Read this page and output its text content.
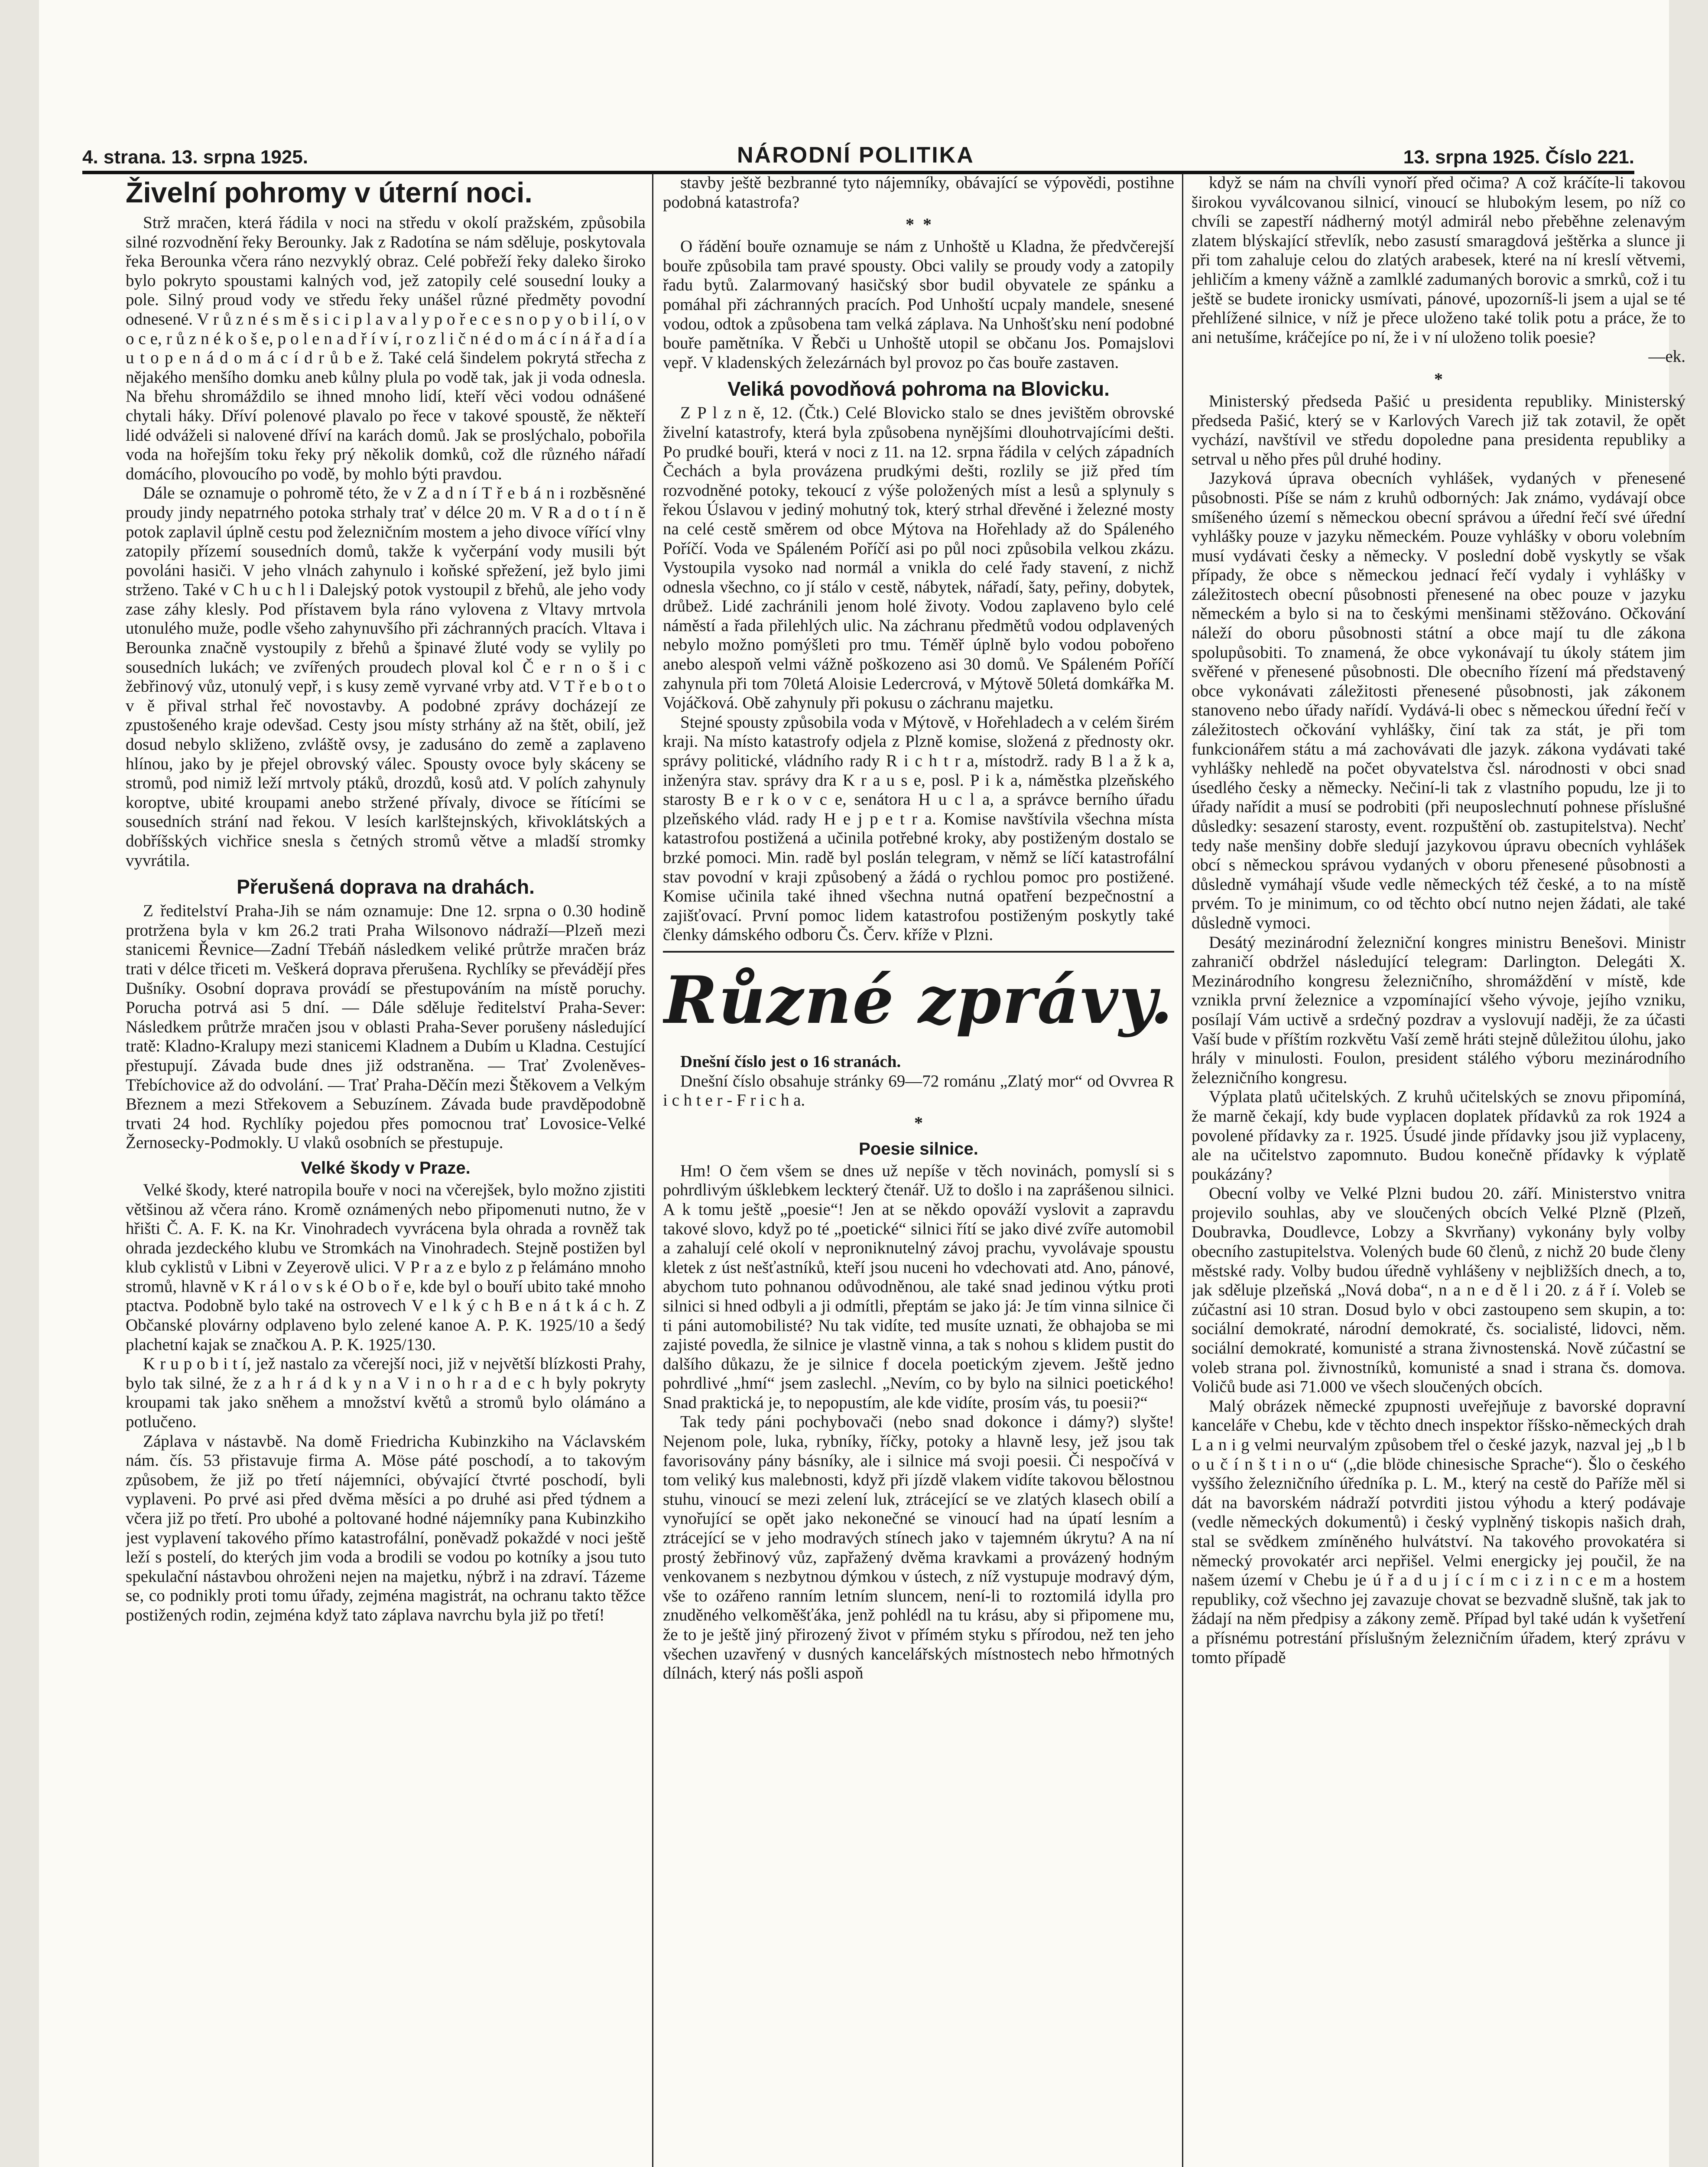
4. strana. 13. srpna 1925.	NÁRODNÍ POLITIKA	13. srpna 1925. Číslo 221.
Živelní pohromy v úterní noci.

Strž mračen, která řádila v noci na středu v okolí pražském, způsobila silné rozvodnění řeky Berounky. Jak z Radotína se nám sděluje, poskytovala řeka Berounka včera ráno nezvyklý obraz. Celé pobřeží řeky daleko široko bylo pokryto spoustami kalných vod, jež zatopily celé sousední louky a pole. Silný proud vody ve středu řeky unášel různé předměty povodní odnesené. V r ů z n é s m ě s i c i p l a v a l y p o ř e c e s n o p y o b i l í, o v o c e, r ů z n é k o š e, p o l e n a d ř í v í, r o z l i č n é d o m á c í n á ř a d í a u t o p e n á d o m á c í d r ů b e ž. Také celá šindelem pokrytá střecha z nějakého menšího domku aneb kůlny plula po vodě tak, jak ji voda odnesla. Na břehu shromáždilo se ihned mnoho lidí, kteří věci vodou odnášené chytali háky. Dříví polenové plavalo po řece v takové spoustě, že někteří lidé odváželi si nalovené dříví na karách domů. Jak se proslýchalo, pobořila voda na hořejším toku řeky prý několik domků, což dle různého nářadí domácího, plovoucího po vodě, by mohlo býti pravdou.

Dále se oznamuje o pohromě této, že v Z a d n í T ř e b á n i rozběsněné proudy jindy nepatrného potoka strhaly trať v délce 20 m. V R a d o t í n ě potok zaplavil úplně cestu pod železničním mostem a jeho divoce vířící vlny zatopily přízemí sousedních domů, takže k vyčerpání vody musili být povoláni hasiči. V jeho vlnách zahynulo i koňské spřežení, jež bylo jimi strženo. Také v C h u c h l i Dalejský potok vystoupil z břehů, ale jeho vody zase záhy klesly. Pod přístavem byla ráno vylovena z Vltavy mrtvola utonulého muže, podle všeho zahynuvšího při záchranných pracích. Vltava i Berounka značně vystoupily z břehů a špinavé žluté vody se vylily po sousedních lukách; ve zvířených proudech ploval kol Č e r n o š i c žebřinový vůz, utonulý vepř, i s kusy země vyrvané vrby atd. V T ř e b o t o v ě přival strhal řeč novostavby. A podobné zprávy docházejí ze zpustošeného kraje odevšad. Cesty jsou místy strhány až na štět, obilí, jež dosud nebylo skliženo, zvláště ovsy, je zadusáno do země a zaplaveno hlínou, jako by je přejel obrovský válec. Spousty ovoce byly skáceny se stromů, pod nimiž leží mrtvoly ptáků, drozdů, kosů atd. V polích zahynuly koroptve, ubité kroupami anebo stržené přívaly, divoce se řítícími se sousedních strání nad řekou. V lesích karlštejnských, křivoklátských a dobříšských vichřice snesla s četných stromů větve a mladší stromky vyvrátila.

Přerušená doprava na drahách.

Z ředitelství Praha-Jih se nám oznamuje: Dne 12. srpna o 0.30 hodině protržena byla v km 26.2 trati Praha Wilsonovo nádraží—Plzeň mezi stanicemi Řevnice—Zadní Třebáň následkem veliké průtrže mračen bráz trati v délce třiceti m. Veškerá doprava přerušena. Rychlíky se převádějí přes Dušníky. Osobní doprava provádí se přestupováním na místě poruchy. Porucha potrvá asi 5 dní. — Dále sděluje ředitelství Praha-Sever: Následkem průtrže mračen jsou v oblasti Praha-Sever porušeny následující tratě: Kladno-Kralupy mezi stanicemi Kladnem a Dubím u Kladna. Cestující přestupují. Závada bude dnes již odstraněna. — Trať Zvoleněves-Třebíchovice až do odvolání. — Trať Praha-Děčín mezi Štěkovem a Velkým Březnem a mezi Střekovem a Sebuzínem. Závada bude pravděpodobně trvati 24 hod. Rychlíky pojedou přes pomocnou trať Lovosice-Velké Žernosecky-Podmokly. U vlaků osobních se přestupuje.

Velké škody v Praze.

Velké škody, které natropila bouře v noci na včerejšek, bylo možno zjistiti většinou až včera ráno. Kromě oznámených nebo připomenuti nutno, že v hřišti Č. A. F. K. na Kr. Vinohradech vyvrácena byla ohrada a rovněž tak ohrada jezdeckého klubu ve Stromkách na Vinohradech. Stejně postižen byl klub cyklistů v Libni v Zeyerově ulici. V P r a z e bylo z p řelámáno mnoho stromů, hlavně v K r á l o v s k é O b o ř e, kde byl o bouří ubito také mnoho ptactva. Podobně bylo také na ostrovech V e l k ý c h B e n á t k á c h. Z Občanské plovárny odplaveno bylo zelené kanoe A. P. K. 1925/10 a šedý plachetní kajak se značkou A. P. K. 1925/130.

K r u p o b i t í, jež nastalo za včerejší noci, již v největší blízkosti Prahy, bylo tak silné, že z a h r á d k y n a V i n o h r a d e c h byly pokryty kroupami tak jako sněhem a množství květů a stromů bylo olámáno a potlučeno.

Záplava v nástavbě. Na domě Friedricha Kubinzkiho na Václavském nám. čís. 53 přistavuje firma A. Möse páté poschodí, a to takovým způsobem, že již po třetí nájemníci, obývající čtvrté poschodí, byli vyplaveni. Po prvé asi před dvěma měsíci a po druhé asi před týdnem a včera již po třetí. Pro ubohé a poltované hodné nájemníky pana Kubinzkiho jest vyplavení takového přímo katastrofální, poněvadž pokaždé v noci ještě leží s postelí, do kterých jim voda a brodili se vodou po kotníky a jsou tuto spekulační nástavbou ohroženi nejen na majetku, nýbrž i na zdraví. Tázeme se, co podnikly proti tomu úřady, zejména magistrát, na ochranu takto těžce postižených rodin, zejména když tato záplava navrchu byla již po třetí!

stavby ještě bezbranné tyto nájemníky, obávající se výpovědi, postihne podobná katastrofa?

*  *

O řádění bouře oznamuje se nám z Unhoště u Kladna, že předvčerejší bouře způsobila tam pravé spousty. Obci valily se proudy vody a zatopily řadu bytů. Zalarmovaný hasičský sbor budil obyvatele ze spánku a pomáhal při záchranných pracích. Pod Unhoští ucpaly mandele, snesené vodou, odtok a způsobena tam velká záplava. Na Unhošťsku není podobné bouře pamětníka. V Řebči u Unhoště utopil se občanu Jos. Pomajslovi vepř. V kladenských železárnách byl provoz po čas bouře zastaven.

Veliká povodňová pohroma na Blovicku.

Z P l z n ě, 12. (Čtk.) Celé Blovicko stalo se dnes jevištěm obrovské živelní katastrofy, která byla způsobena nynějšími dlouhotrvajícími dešti. Po prudké bouři, která v noci z 11. na 12. srpna řádila v celých západních Čechách a byla provázena prudkými dešti, rozlily se již před tím rozvodněné potoky, tekoucí z výše položených míst a lesů a splynuly s řekou Úslavou v jediný mohutný tok, který strhal dřevěné i železné mosty na celé cestě směrem od obce Mýtova na Hořehlady až do Spáleného Poříčí. Voda ve Spáleném Poříčí asi po půl noci způsobila velkou zkázu. Vystoupila vysoko nad normál a vnikla do celé řady stavení, z nichž odnesla všechno, co jí stálo v cestě, nábytek, nářadí, šaty, peřiny, dobytek, drůbež. Lidé zachránili jenom holé životy. Vodou zaplaveno bylo celé náměstí a řada přilehlých ulic. Na záchranu předmětů vodou odplavených nebylo možno pomýšleti pro tmu. Téměř úplně bylo vodou pobořeno anebo alespoň velmi vážně poškozeno asi 30 domů. Ve Spáleném Poříčí zahynula při tom 70letá Aloisie Ledercrová, v Mýtově 50letá domkářka M. Vojáčková. Obě zahynuly při pokusu o záchranu majetku.

Stejné spousty způsobila voda v Mýtově, v Hořehladech a v celém širém kraji. Na místo katastrofy odjela z Plzně komise, složená z přednosty okr. správy politické, vládního rady R i c h t r a, místodrž. rady B l a ž k a, inženýra stav. správy dra K r a u s e, posl. P i k a, náměstka plzeňského starosty B e r k o v c e, senátora H u c l a, a správce berního úřadu plzeňského vlád. rady H e j p e t r a. Komise navštívila všechna místa katastrofou postižená a učinila potřebné kroky, aby postiženým dostalo se brzké pomoci. Min. radě byl poslán telegram, v němž se líčí katastrofální stav povodní v kraji způsobený a žádá o rychlou pomoc pro postižené. Komise učinila také ihned všechna nutná opatření bezpečnostní a zajišťovací. První pomoc lidem katastrofou postiženým poskytly také členky dámského odboru Čs. Červ. kříže v Plzni.

Různé zprávy.

Dnešní číslo jest o 16 stranách.

Dnešní číslo obsahuje stránky 69—72 románu „Zlatý mor“ od Ovvrea R i c h t e r - F r i c h a.

*
Poesie silnice.

Hm! O čem všem se dnes už nepíše v těch novinách, pomyslí si s pohrdlivým úšklebkem leckterý čtenář. Už to došlo i na zaprášenou silnici. A k tomu ještě „poesie“! Jen at se někdo opováží vyslovit a zapravdu takové slovo, když po té „poetické“ silnici řítí se jako divé zvíře automobil a zahalují celé okolí v neproniknutelný závoj prachu, vyvolávaje spoustu kletek z úst nešťastníků, kteří jsou nuceni ho vdechovati atd. Ano, pánové, abychom tuto pohnanou odůvodněnou, ale také snad jedinou výtku proti silnici si hned odbyli a ji odmítli, přeptám se jako já: Je tím vinna silnice či ti páni automobilisté? Nu tak vidíte, ted musíte uznati, že obhajoba se mi zajisté povedla, že silnice je vlastně vinna, a tak s nohou s klidem pustit do dalšího důkazu, že je silnice f docela poetickým zjevem. Ještě jedno pohrdlivé „hmí“ jsem zaslechl. „Nevím, co by bylo na silnici poetického! Snad praktická je, to nepopustím, ale kde vidíte, prosím vás, tu poesii?“

Tak tedy páni pochybovači (nebo snad dokonce i dámy?) slyšte! Nejenom pole, luka, rybníky, říčky, potoky a hlavně lesy, jež jsou tak favorisovány pány básníky, ale i silnice má svoji poesii. Či nespočívá v tom veliký kus malebnosti, když při jízdě vlakem vidíte takovou bělostnou stuhu, vinoucí se mezi zelení luk, ztrácející se ve zlatých klasech obilí a vynořující se opět jako nekonečné se vinoucí had na úpatí lesním a ztrácející se v jeho modravých stínech jako v tajemném úkrytu? A na ní prostý žebřinový vůz, zapřažený dvěma kravkami a provázený hodným venkovanem s nezbytnou dýmkou v ústech, z níž vystupuje modravý dým, vše to ozářeno ranním letním sluncem, není-li to roztomilá idylla pro znuděného velkoměšťáka, jenž pohlédl na tu krásu, aby si připomene mu, že to je ještě jiný přirozený život v přímém styku s přírodou, než ten jeho všechen uzavřený v dusných kancelářských místnostech nebo hřmotných dílnách, který nás pošli aspoň

když se nám na chvíli vynoří před očima? A což kráčíte-li takovou širokou vyválcovanou silnicí, vinoucí se hlubokým lesem, po níž co chvíli se zapestří nádherný motýl admirál nebo přeběhne zelenavým zlatem blýskající střevlík, nebo zasustí smaragdová ještěrka a slunce ji při tom zahaluje celou do zlatých arabesek, které na ní kreslí větvemi, jehličím a kmeny vážně a zamlklé zadumaných borovic a smrků, což i tu ještě se budete ironicky usmívati, pánové, upozorníš-li jsem a ujal se té přehlížené silnice, v níž je přece uloženo také tolik potu a práce, že to ani netušíme, kráčejíce po ní, že i v ní uloženo tolik poesie?

—ek.

*

Ministerský předseda Pašić u presidenta republiky. Ministerský předseda Pašić, který se v Karlových Varech již tak zotavil, že opět vychází, navštívil ve středu dopoledne pana presidenta republiky a setrval u něho přes půl druhé hodiny.

Jazyková úprava obecních vyhlášek, vydaných v přenesené působnosti. Píše se nám z kruhů odborných: Jak známo, vydávají obce smíšeného území s německou obecní správou a úřední řečí své úřední vyhlášky pouze v jazyku německém. Pouze vyhlášky v oboru volebním musí vydávati česky a německy. V poslední době vyskytly se však případy, že obce s německou jednací řečí vydaly i vyhlášky v záležitostech obecní působnosti přenesené na obec pouze v jazyku německém a bylo si na to českými menšinami stěžováno. Očkování náleží do oboru působnosti státní a obce mají tu dle zákona spolupůsobiti. To znamená, že obce vykonávají tu úkoly státem jim svěřené v přenesené působnosti. Dle obecního řízení má představený obce vykonávati záležitosti přenesené působnosti, jak zákonem stanoveno nebo úřady nařídí. Vydává-li obec s německou úřední řečí v záležitostech očkování vyhlášky, činí tak za stát, je při tom funkcionářem státu a má zachovávati dle jazyk. zákona vydávati také vyhlášky nehledě na počet obyvatelstva čsl. národnosti v obci snad úsedlého česky a německy. Nečiní-li tak z vlastního popudu, lze ji to úřady nařídit a musí se podrobiti (při neuposlechnutí pohnese příslušné důsledky: sesazení starosty, event. rozpuštění ob. zastupitelstva). Nechť tedy naše menšiny dobře sledují jazykovou úpravu obecních vyhlášek obcí s německou správou vydaných v oboru přenesené působnosti a důsledně vymáhají všude vedle německých též české, a to na místě prvém. To je minimum, co od těchto obcí nutno nejen žádati, ale také důsledně vymoci.

Desátý mezinárodní železniční kongres ministru Benešovi. Ministr zahraničí obdržel následující telegram: Darlington. Delegáti X. Mezinárodního kongresu železničního, shromáždění v místě, kde vznikla první železnice a vzpomínající všeho vývoje, jejího vzniku, posílají Vám uctivě a srdečný pozdrav a vyslovují naději, že za účasti Vaší bude v příštím rozkvětu Vaší země hráti stejně důležitou úlohu, jako hrály v minulosti. Foulon, president stálého výboru mezinárodního železničního kongresu.

Výplata platů učitelských. Z kruhů učitelských se znovu připomíná, že marně čekají, kdy bude vyplacen doplatek přídavků za rok 1924 a povolené přídavky za r. 1925. Úsudé jinde přídavky jsou již vyplaceny, ale na učitelstvo zapomnuto. Budou konečně přídavky k výplatě poukázány?

Obecní volby ve Velké Plzni budou 20. září. Ministerstvo vnitra projevilo souhlas, aby ve sloučených obcích Velké Plzně (Plzeň, Doubravka, Doudlevce, Lobzy a Skvrňany) vykonány byly volby obecního zastupitelstva. Volených bude 60 členů, z nichž 20 bude členy městské rady. Volby budou úředně vyhlášeny v nejbližších dnech, a to, jak sděluje plzeňská „Nová doba“, n a n e d ě l i 20. z á ř í. Voleb se zúčastní asi 10 stran. Dosud bylo v obci zastoupeno sem skupin, a to: sociální demokraté, národní demokraté, čs. socialisté, lidovci, něm. sociální demokraté, komunisté a strana živnostenská. Nově zúčastní se voleb strana pol. živnostníků, komunisté a snad i strana čs. domova. Voličů bude asi 71.000 ve všech sloučených obcích.

Malý obrázek německé zpupnosti uveřejňuje z bavorské dopravní kanceláře v Chebu, kde v těchto dnech inspektor říšsko-německých drah L a n i g velmi neurvalým způsobem třel o české jazyk, nazval jej „b l b o u č í n š t i n o u“ („die blöde chinesische Sprache“). Šlo o českého vyššího železničního úředníka p. L. M., který na cestě do Paříže měl si dát na bavorském nádraží potvrditi jistou výhodu a který podávaje (vedle německých dokumentů) i český vyplněný tiskopis našich drah, stal se svědkem zmíněného hulvátství. Na takového provokatéra si německý provokatér arci nepřišel. Velmi energicky jej poučil, že na našem území v Chebu je ú ř a d u j í c í m c i z i n c e m a hostem republiky, což všechno jej zavazuje chovat se bezvadně slušně, tak jak to žádají na něm předpisy a zákony země. Případ byl také udán k vyšetření a přísnému potrestání příslušným železničním úřadem, který zprávu v tomto případě
